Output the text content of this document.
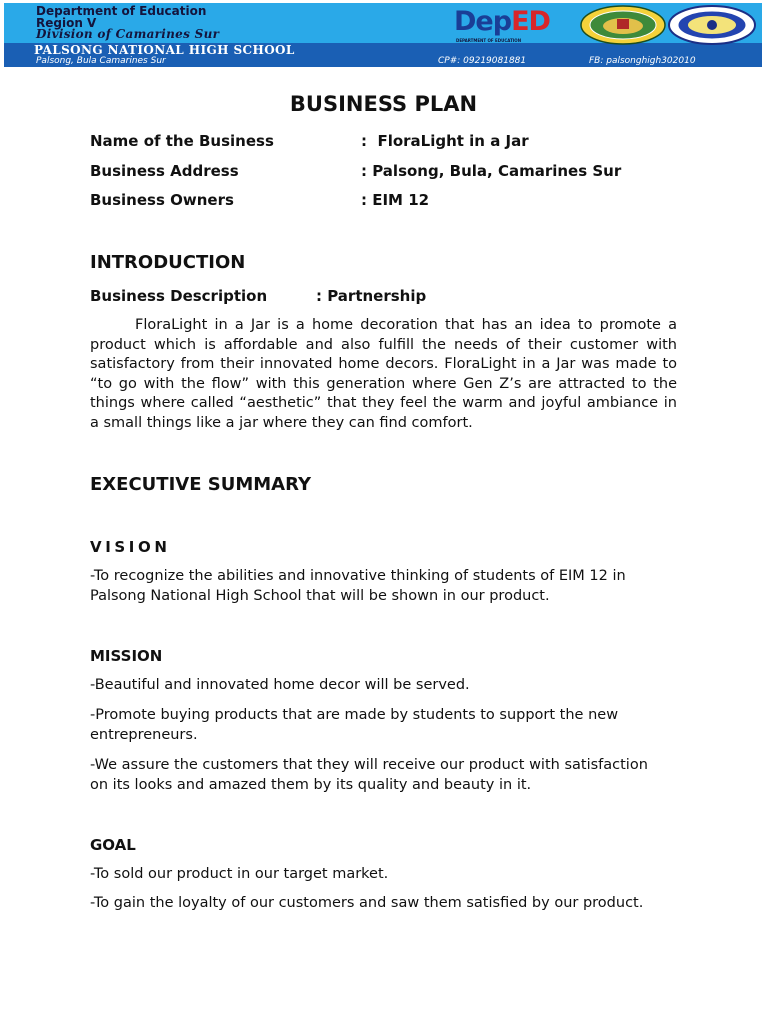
Department of Education
Region V
Division of Camarines Sur
PALSONG NATIONAL HIGH SCHOOL
Palsong, Bula Camarines Sur	CP#: 09219081881	FB: palsonghigh302010
DepED
DEPARTMENT OF EDUCATION
BUSINESS PLAN
Name of the Business	:  FloraLight in a Jar
Business Address	: Palsong, Bula, Camarines Sur
Business Owners	: EIM 12
INTRODUCTION
Business Description	: Partnership

FloraLight in a Jar is a home decoration that has an idea to promote a product which is affordable and also fulfill the needs of their customer with satisfactory from their innovated home decors. FloraLight in a Jar was made to “to go with the flow” with this generation where Gen Z’s are attracted to the things where called “aesthetic” that they feel the warm and joyful ambiance in a small things like a jar where they can find comfort.

EXECUTIVE SUMMARY
VISION

-To recognize the abilities and innovative thinking of students of EIM 12 in
Palsong National High School that will be shown in our product.

MISSION

-Beautiful and innovated home decor will be served.

-Promote buying products that are made by students to support the new
entrepreneurs.

-We assure the customers that they will receive our product with satisfaction
on its looks and amazed them by its quality and beauty in it.

GOAL

-To sold our product in our target market.

-To gain the loyalty of our customers and saw them satisfied by our product.
